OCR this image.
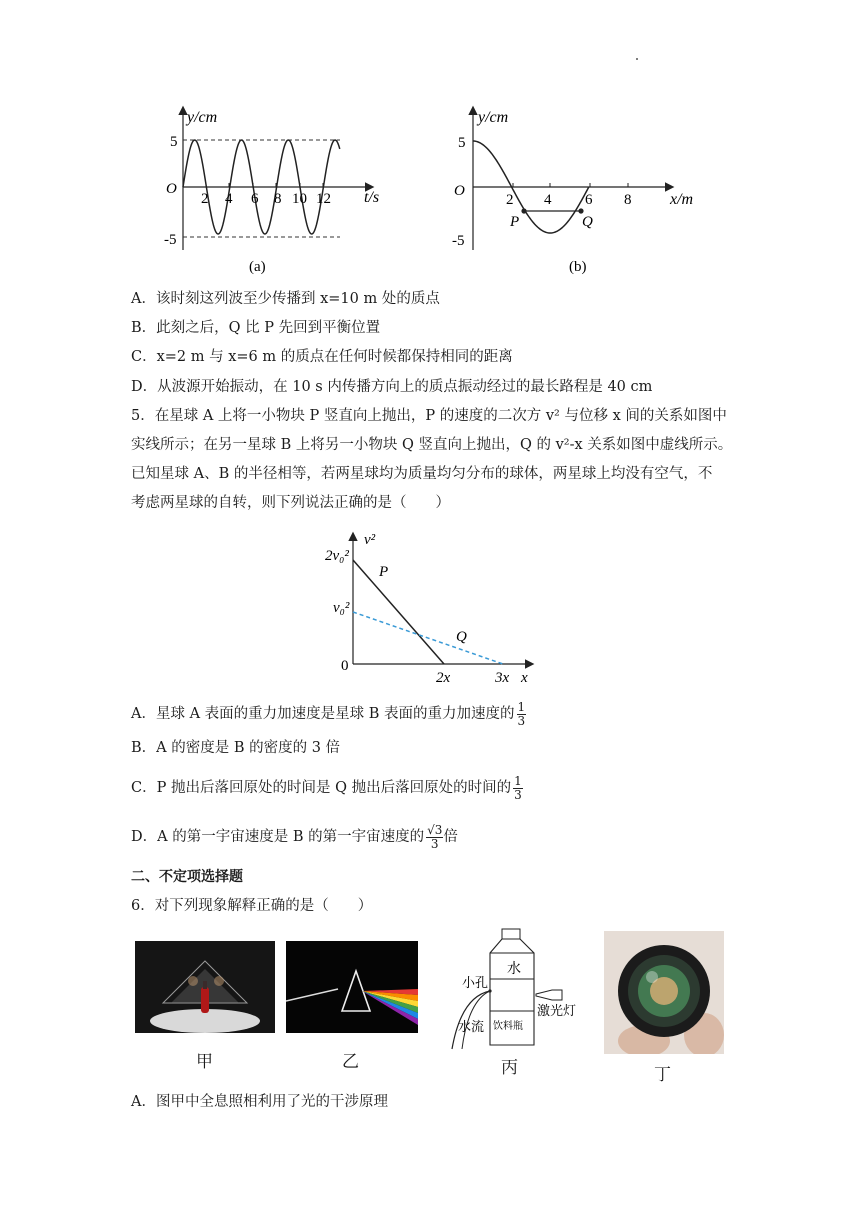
y/cm
O
5
-5
t/s
2 4 6 8 10 12
(a)
y/cm
O
5
-5
x/m
2 4 6 8
P	Q
(b)
A．该时刻这列波至少传播到 x=10 m 处的质点
B．此刻之后，Q 比 P 先回到平衡位置
C．x=2 m 与 x=6 m 的质点在任何时候都保持相同的距离
D．从波源开始振动，在 10 s 内传播方向上的质点振动经过的最长路程是 40 cm
5．在星球 A 上将一小物块 P 竖直向上抛出，P 的速度的二次方 v² 与位移 x 间的关系如图中
实线所示；在另一星球 B 上将另一小物块 Q 竖直向上抛出，Q 的 v²-x 关系如图中虚线所示。
已知星球 A、B 的半径相等，若两星球均为质量均匀分布的球体，两星球上均没有空气，不
考虑两星球的自转，则下列说法正确的是（　　）
v²
2v₀²
v₀²
0
P
Q
2x	3x x
A．星球 A 表面的重力加速度是星球 B 表面的重力加速度的 $\frac{1}{3}$
B．A 的密度是 B 的密度的 3 倍
C．P 抛出后落回原处的时间是 Q 抛出后落回原处的时间的 $\frac{1}{3}$
D．A 的第一宇宙速度是 B 的第一宇宙速度的 $\frac{√3}{3}$ 倍
二、不定项选择题
6．对下列现象解释正确的是（　　）
水
小孔
激光灯
水流 饮料瓶
甲	乙	丙	丁
A．图甲中全息照相利用了光的干涉原理
